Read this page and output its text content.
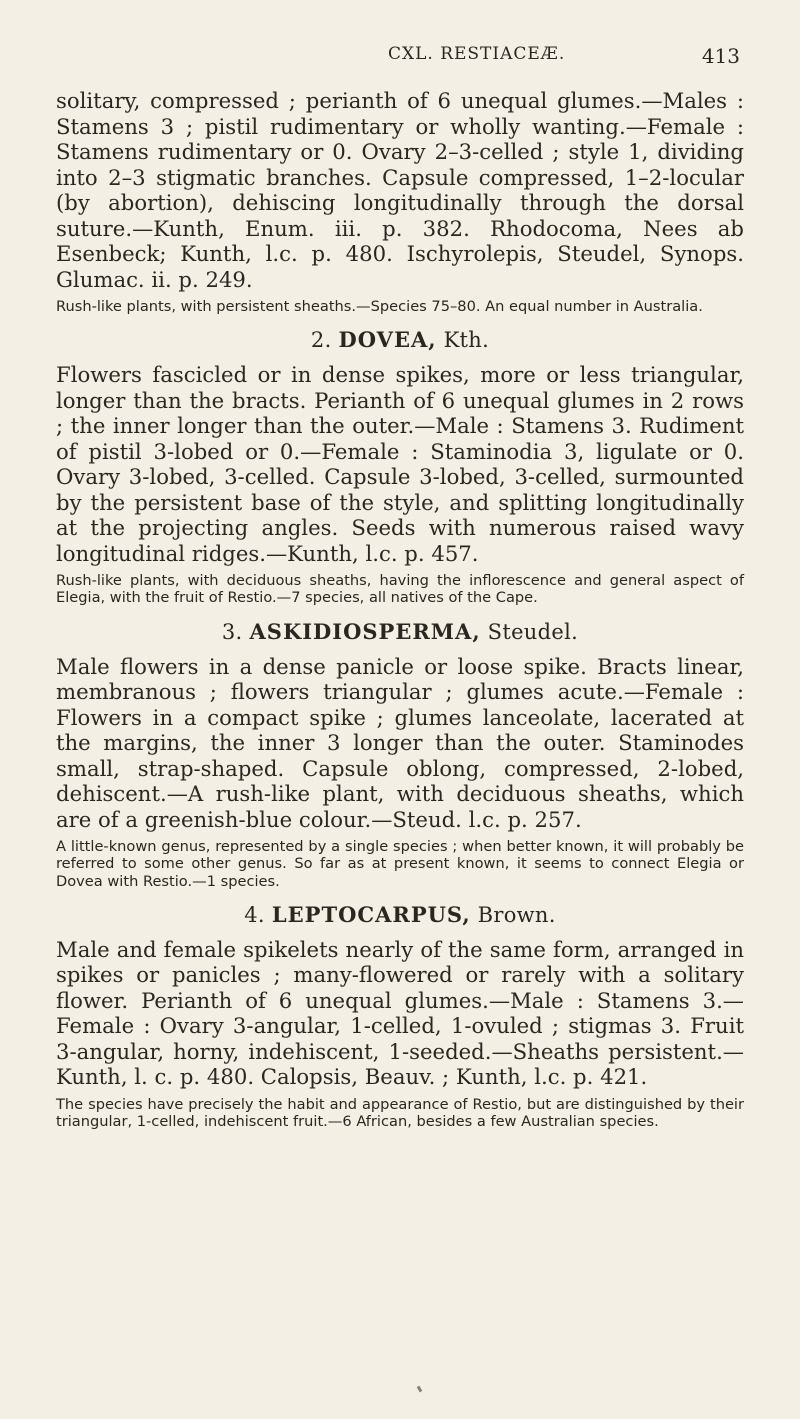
CXL. RESTIACEÆ.	413

solitary, compressed ; perianth of 6 unequal glumes.—Males : Stamens 3 ; pistil rudimentary or wholly wanting.—Female : Stamens rudimentary or 0. Ovary 2–3-celled ; style 1, dividing into 2–3 stigmatic branches. Capsule compressed, 1–2-locular (by abortion), dehiscing longitudinally through the dorsal suture.—Kunth, Enum. iii. p. 382. Rhodocoma, Nees ab Esenbeck; Kunth, l.c. p. 480. Ischyrolepis, Steudel, Synops. Glumac. ii. p. 249.

Rush-like plants, with persistent sheaths.—Species 75–80. An equal number in Australia.

2. DOVEA, Kth.

Flowers fascicled or in dense spikes, more or less triangular, longer than the bracts. Perianth of 6 unequal glumes in 2 rows ; the inner longer than the outer.—Male : Stamens 3. Rudiment of pistil 3-lobed or 0.—Female : Staminodia 3, ligulate or 0. Ovary 3-lobed, 3-celled. Capsule 3-lobed, 3-celled, surmounted by the persistent base of the style, and splitting longitudinally at the projecting angles. Seeds with numerous raised wavy longitudinal ridges.—Kunth, l.c. p. 457.

Rush-like plants, with deciduous sheaths, having the inflorescence and general aspect of Elegia, with the fruit of Restio.—7 species, all natives of the Cape.

3. ASKIDIOSPERMA, Steudel.

Male flowers in a dense panicle or loose spike. Bracts linear, membranous ; flowers triangular ; glumes acute.—Female : Flowers in a compact spike ; glumes lanceolate, lacerated at the margins, the inner 3 longer than the outer. Staminodes small, strap-shaped. Capsule oblong, compressed, 2-lobed, dehiscent.—A rush-like plant, with deciduous sheaths, which are of a greenish-blue colour.—Steud. l.c. p. 257.

A little-known genus, represented by a single species ; when better known, it will probably be referred to some other genus. So far as at present known, it seems to connect Elegia or Dovea with Restio.—1 species.

4. LEPTOCARPUS, Brown.

Male and female spikelets nearly of the same form, arranged in spikes or panicles ; many-flowered or rarely with a solitary flower. Perianth of 6 unequal glumes.—Male : Stamens 3.—Female : Ovary 3-angular, 1-celled, 1-ovuled ; stigmas 3. Fruit 3-angular, horny, indehiscent, 1-seeded.—Sheaths persistent.—Kunth, l. c. p. 480. Calopsis, Beauv. ; Kunth, l.c. p. 421.

The species have precisely the habit and appearance of Restio, but are distinguished by their triangular, 1-celled, indehiscent fruit.—6 African, besides a few Australian species.
